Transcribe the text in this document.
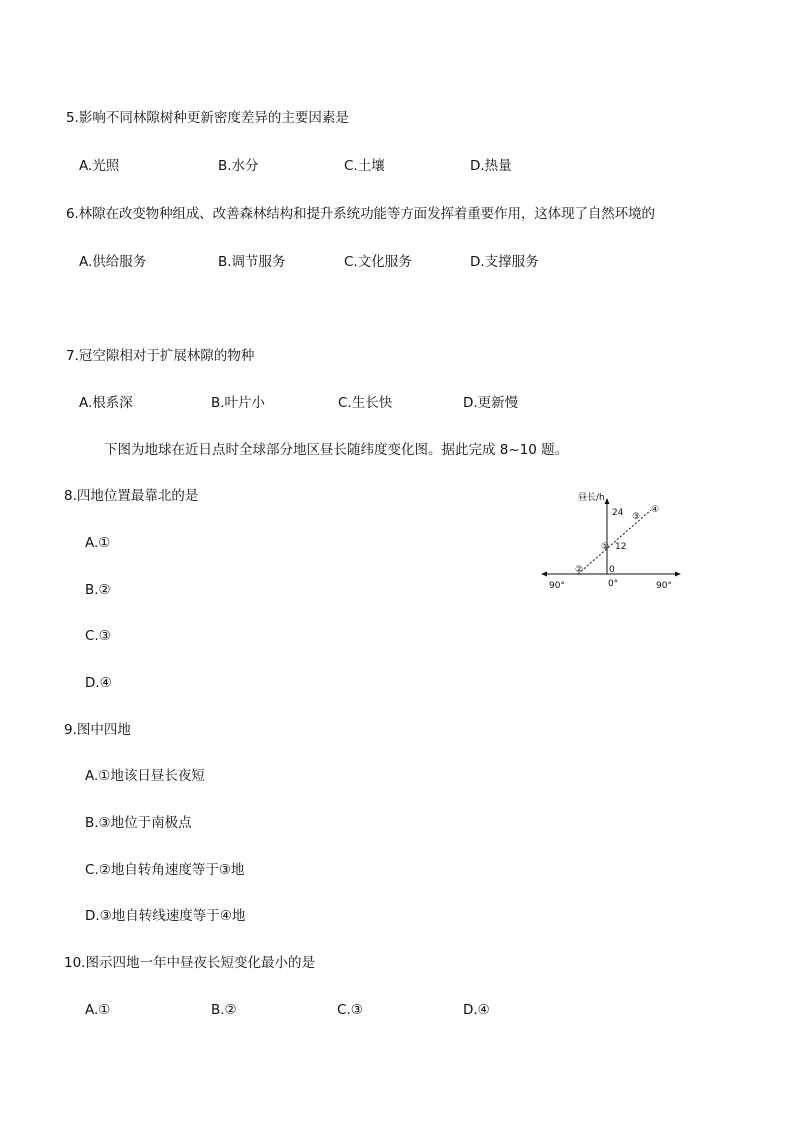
5.影响不同林隙树种更新密度差异的主要因素是
A.光照	B.水分	C.土壤	D.热量
6.林隙在改变物种组成、改善森林结构和提升系统功能等方面发挥着重要作用，这体现了自然环境的
A.供给服务	B.调节服务	C.文化服务	D.支撑服务
7.冠空隙相对于扩展林隙的物种
A.根系深	B.叶片小	C.生长快	D.更新慢
下图为地球在近日点时全球部分地区昼长随纬度变化图。据此完成 8~10 题。
8.四地位置最靠北的是
A.①
B.②
C.③
D.④
昼长/h
24
12
0
90°	0°	90°
①
②
③
④
9.图中四地
A.①地该日昼长夜短
B.③地位于南极点
C.②地自转角速度等于③地
D.③地自转线速度等于④地
10.图示四地一年中昼夜长短变化最小的是
A.①	B.②	C.③	D.④
